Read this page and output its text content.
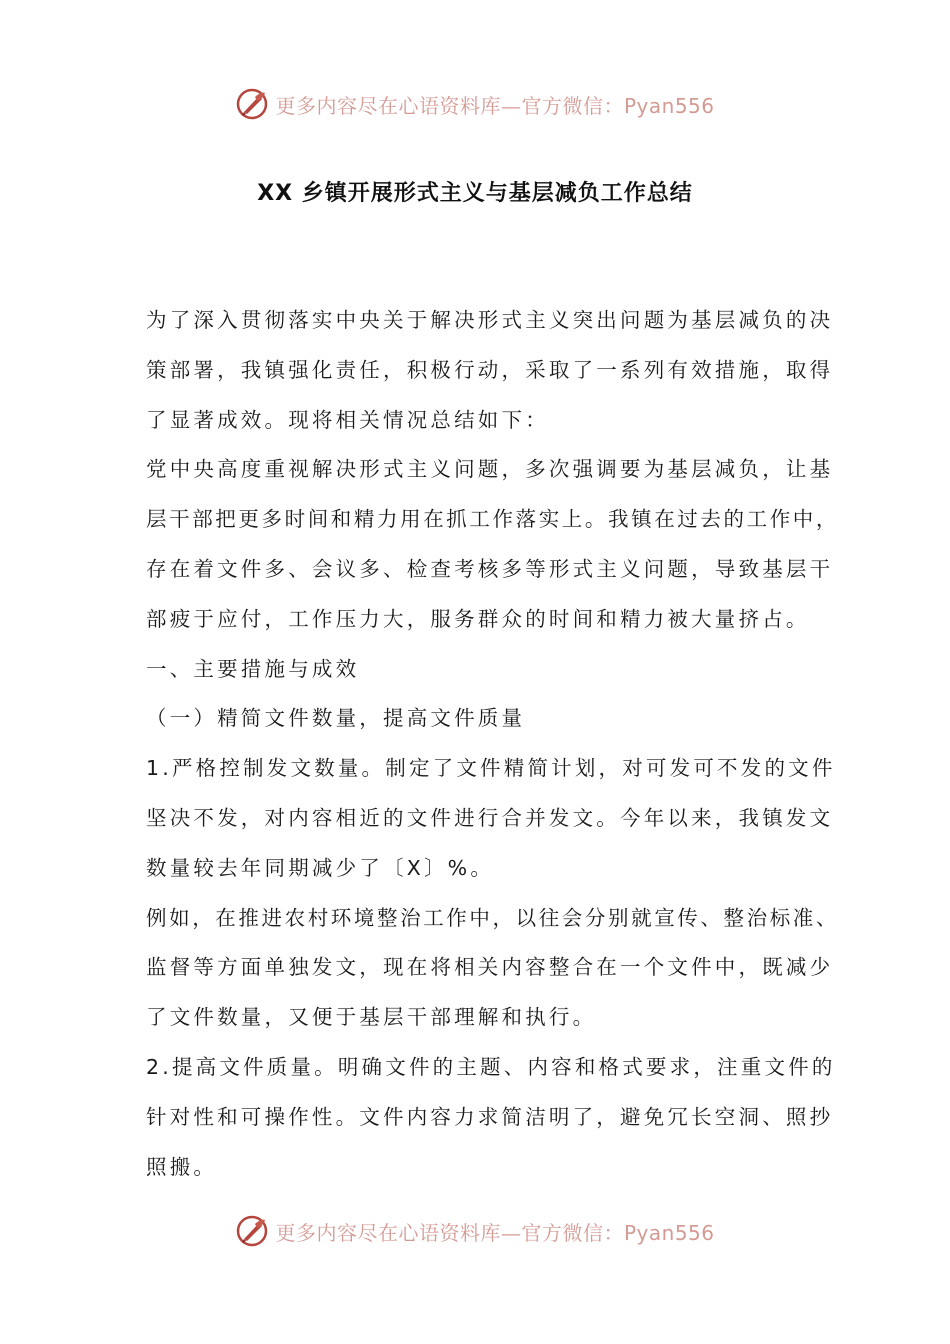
更多内容尽在心语资料库—官方微信：Pyan556
XX 乡镇开展形式主义与基层减负工作总结
为了深入贯彻落实中央关于解决形式主义突出问题为基层减负的决
策部署，我镇强化责任，积极行动，采取了一系列有效措施，取得
了显著成效。现将相关情况总结如下：
党中央高度重视解决形式主义问题，多次强调要为基层减负，让基
层干部把更多时间和精力用在抓工作落实上。我镇在过去的工作中，
存在着文件多、会议多、检查考核多等形式主义问题，导致基层干
部疲于应付，工作压力大，服务群众的时间和精力被大量挤占。
一、主要措施与成效
（一）精简文件数量，提高文件质量
1.严格控制发文数量。制定了文件精简计划，对可发可不发的文件
坚决不发，对内容相近的文件进行合并发文。今年以来，我镇发文
数量较去年同期减少了〔X〕%。
例如，在推进农村环境整治工作中，以往会分别就宣传、整治标准、
监督等方面单独发文，现在将相关内容整合在一个文件中，既减少
了文件数量，又便于基层干部理解和执行。
2.提高文件质量。明确文件的主题、内容和格式要求，注重文件的
针对性和可操作性。文件内容力求简洁明了，避免冗长空洞、照抄
照搬。
更多内容尽在心语资料库—官方微信：Pyan556
